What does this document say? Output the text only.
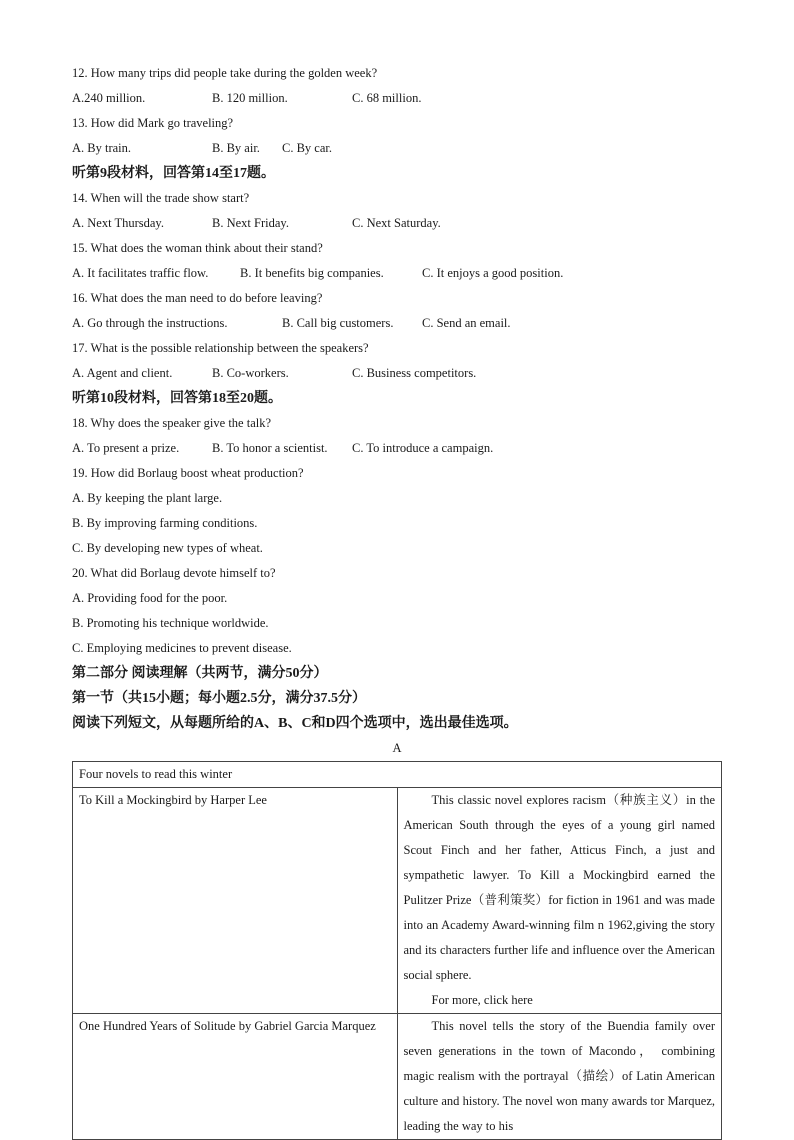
12. How many trips did people take during the golden week?
A.240 million.	B. 120 million.	C. 68 million.
13. How did Mark go traveling?
A. By train.	B. By air. C. By car.
听第9段材料，回答第14至17题。
14. When will the trade show start?
A. Next Thursday.	B. Next Friday.	C. Next Saturday.
15. What does the woman think about their stand?
A. It facilitates traffic flow.	B. It benefits big companies.	C. It enjoys a good position.
16. What does the man need to do before leaving?
A. Go through the instructions.	B. Call big customers. C. Send an email.
17. What is the possible relationship between the speakers?
A. Agent and client.	B. Co-workers.	C. Business competitors.
听第10段材料，回答第18至20题。
18. Why does the speaker give the talk?
A. To present a prize.	B. To honor a scientist. C. To introduce a campaign.
19. How did Borlaug boost wheat production?
A. By keeping the plant large.
B. By improving farming conditions.
C. By developing new types of wheat.
20. What did Borlaug devote himself to?
A. Providing food for the poor.
B. Promoting his technique worldwide.
C. Employing medicines to prevent disease.
第二部分 阅读理解（共两节，满分50分）
第一节（共15小题；每小题2.5分，满分37.5分）
阅读下列短文，从每题所给的A、B、C和D四个选项中，选出最佳选项。
A
Four novels to read this winter	
To Kill a Mockingbird by Harper Lee	This classic novel explores racism（种族主义）in the American South through the eyes of a young girl named Scout Finch and her father, Atticus Finch, a just and sympathetic lawyer. To Kill a Mockingbird earned the Pulitzer Prize（普利策奖）for fiction in 1961 and was made into an Academy Award-winning film n 1962,giving the story and its characters further life and influence over the American social sphere.
For more, click here

One Hundred Years of Solitude by Gabriel Garcia Marquez	This novel tells the story of the Buendia family over seven generations in the town of Macondo， combining magic realism with the portrayal（描绘）of Latin American culture and history. The novel won many awards tor Marquez, leading the way to his
